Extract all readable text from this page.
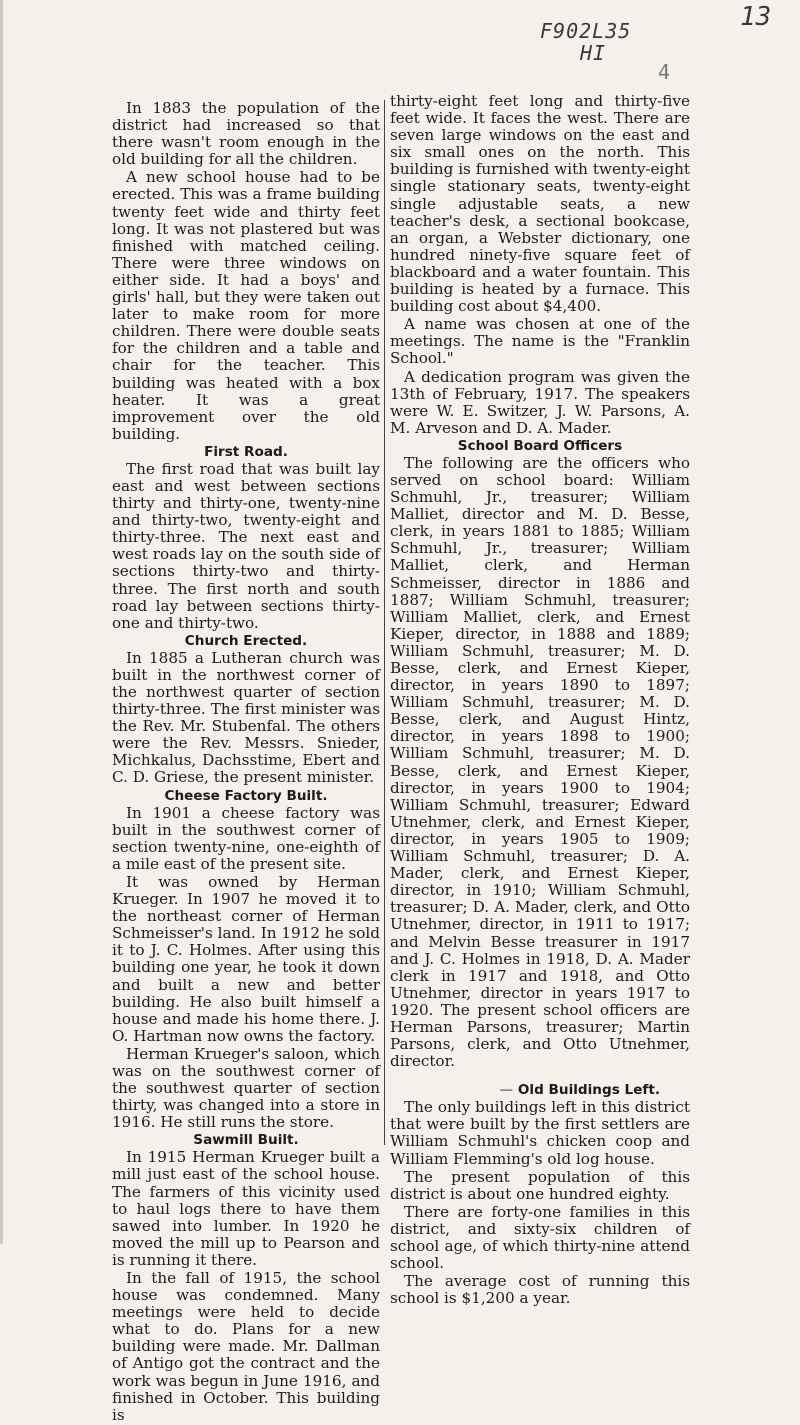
F902L35
HI
13
4

In 1883 the population of the district had increased so that there wasn't room enough in the old building for all the children.

A new school house had to be erected. This was a frame building twenty feet wide and thirty feet long. It was not plastered but was finished with matched ceiling. There were three windows on either side. It had a boys' and girls' hall, but they were taken out later to make room for more children. There were double seats for the children and a table and chair for the teacher. This building was heated with a box heater. It was a great improvement over the old building.

First Road.

The first road that was built lay east and west between sections thirty and thirty-one, twenty-nine and thirty-two, twenty-eight and thirty-three. The next east and west roads lay on the south side of sections thirty-two and thirty-three. The first north and south road lay between sections thirty-one and thirty-two.

Church Erected.

In 1885 a Lutheran church was built in the northwest corner of the northwest quarter of section thirty-three. The first minister was the Rev. Mr. Stubenfal. The others were the Rev. Messrs. Snieder, Michkalus, Dachsstime, Ebert and C. D. Griese, the present minister.

Cheese Factory Built.

In 1901 a cheese factory was built in the southwest corner of section twenty-nine, one-eighth of a mile east of the present site.

It was owned by Herman Krueger. In 1907 he moved it to the northeast corner of Herman Schmeisser's land. In 1912 he sold it to J. C. Holmes. After using this building one year, he took it down and built a new and better building. He also built himself a house and made his home there. J. O. Hartman now owns the factory.

Herman Krueger's saloon, which was on the southwest corner of the southwest quarter of section thirty, was changed into a store in 1916. He still runs the store.

Sawmill Built.

In 1915 Herman Krueger built a mill just east of the school house. The farmers of this vicinity used to haul logs there to have them sawed into lumber. In 1920 he moved the mill up to Pearson and is running it there.

In the fall of 1915, the school house was condemned. Many meetings were held to decide what to do. Plans for a new building were made. Mr. Dallman of Antigo got the contract and the work was begun in June 1916, and finished in October. This building is

thirty-eight feet long and thirty-five feet wide. It faces the west. There are seven large windows on the east and six small ones on the north. This building is furnished with twenty-eight single stationary seats, twenty-eight single adjustable seats, a new teacher's desk, a sectional bookcase, an organ, a Webster dictionary, one hundred ninety-five square feet of blackboard and a water fountain. This building is heated by a furnace. This building cost about $4,400.

A name was chosen at one of the meetings. The name is the "Franklin School."

A dedication program was given the 13th of February, 1917. The speakers were W. E. Switzer, J. W. Parsons, A. M. Arveson and D. A. Mader.

School Board Officers

The following are the officers who served on school board: William Schmuhl, Jr., treasurer; William Malliet, director and M. D. Besse, clerk, in years 1881 to 1885; William Schmuhl, Jr., treasurer; William Malliet, clerk, and Herman Schmeisser, director in 1886 and 1887; William Schmuhl, treasurer; William Malliet, clerk, and Ernest Kieper, director, in 1888 and 1889; William Schmuhl, treasurer; M. D. Besse, clerk, and Ernest Kieper, director, in years 1890 to 1897; William Schmuhl, treasurer; M. D. Besse, clerk, and August Hintz, director, in years 1898 to 1900; William Schmuhl, treasurer; M. D. Besse, clerk, and Ernest Kieper, director, in years 1900 to 1904; William Schmuhl, treasurer; Edward Utnehmer, clerk, and Ernest Kieper, director, in years 1905 to 1909; William Schmuhl, treasurer; D. A. Mader, clerk, and Ernest Kieper, director, in 1910; William Schmuhl, treasurer; D. A. Mader, clerk, and Otto Utnehmer, director, in 1911 to 1917; and Melvin Besse treasurer in 1917 and J. C. Holmes in 1918, D. A. Mader clerk in 1917 and 1918, and Otto Utnehmer, director in years 1917 to 1920. The present school officers are Herman Parsons, treasurer; Martin Parsons, clerk, and Otto Utnehmer, director.

— Old Buildings Left.

The only buildings left in this district that were built by the first settlers are William Schmuhl's chicken coop and William Flemming's old log house.

The present population of this district is about one hundred eighty.

There are forty-one families in this district, and sixty-six children of school age, of which thirty-nine attend school.

The average cost of running this school is $1,200 a year.
